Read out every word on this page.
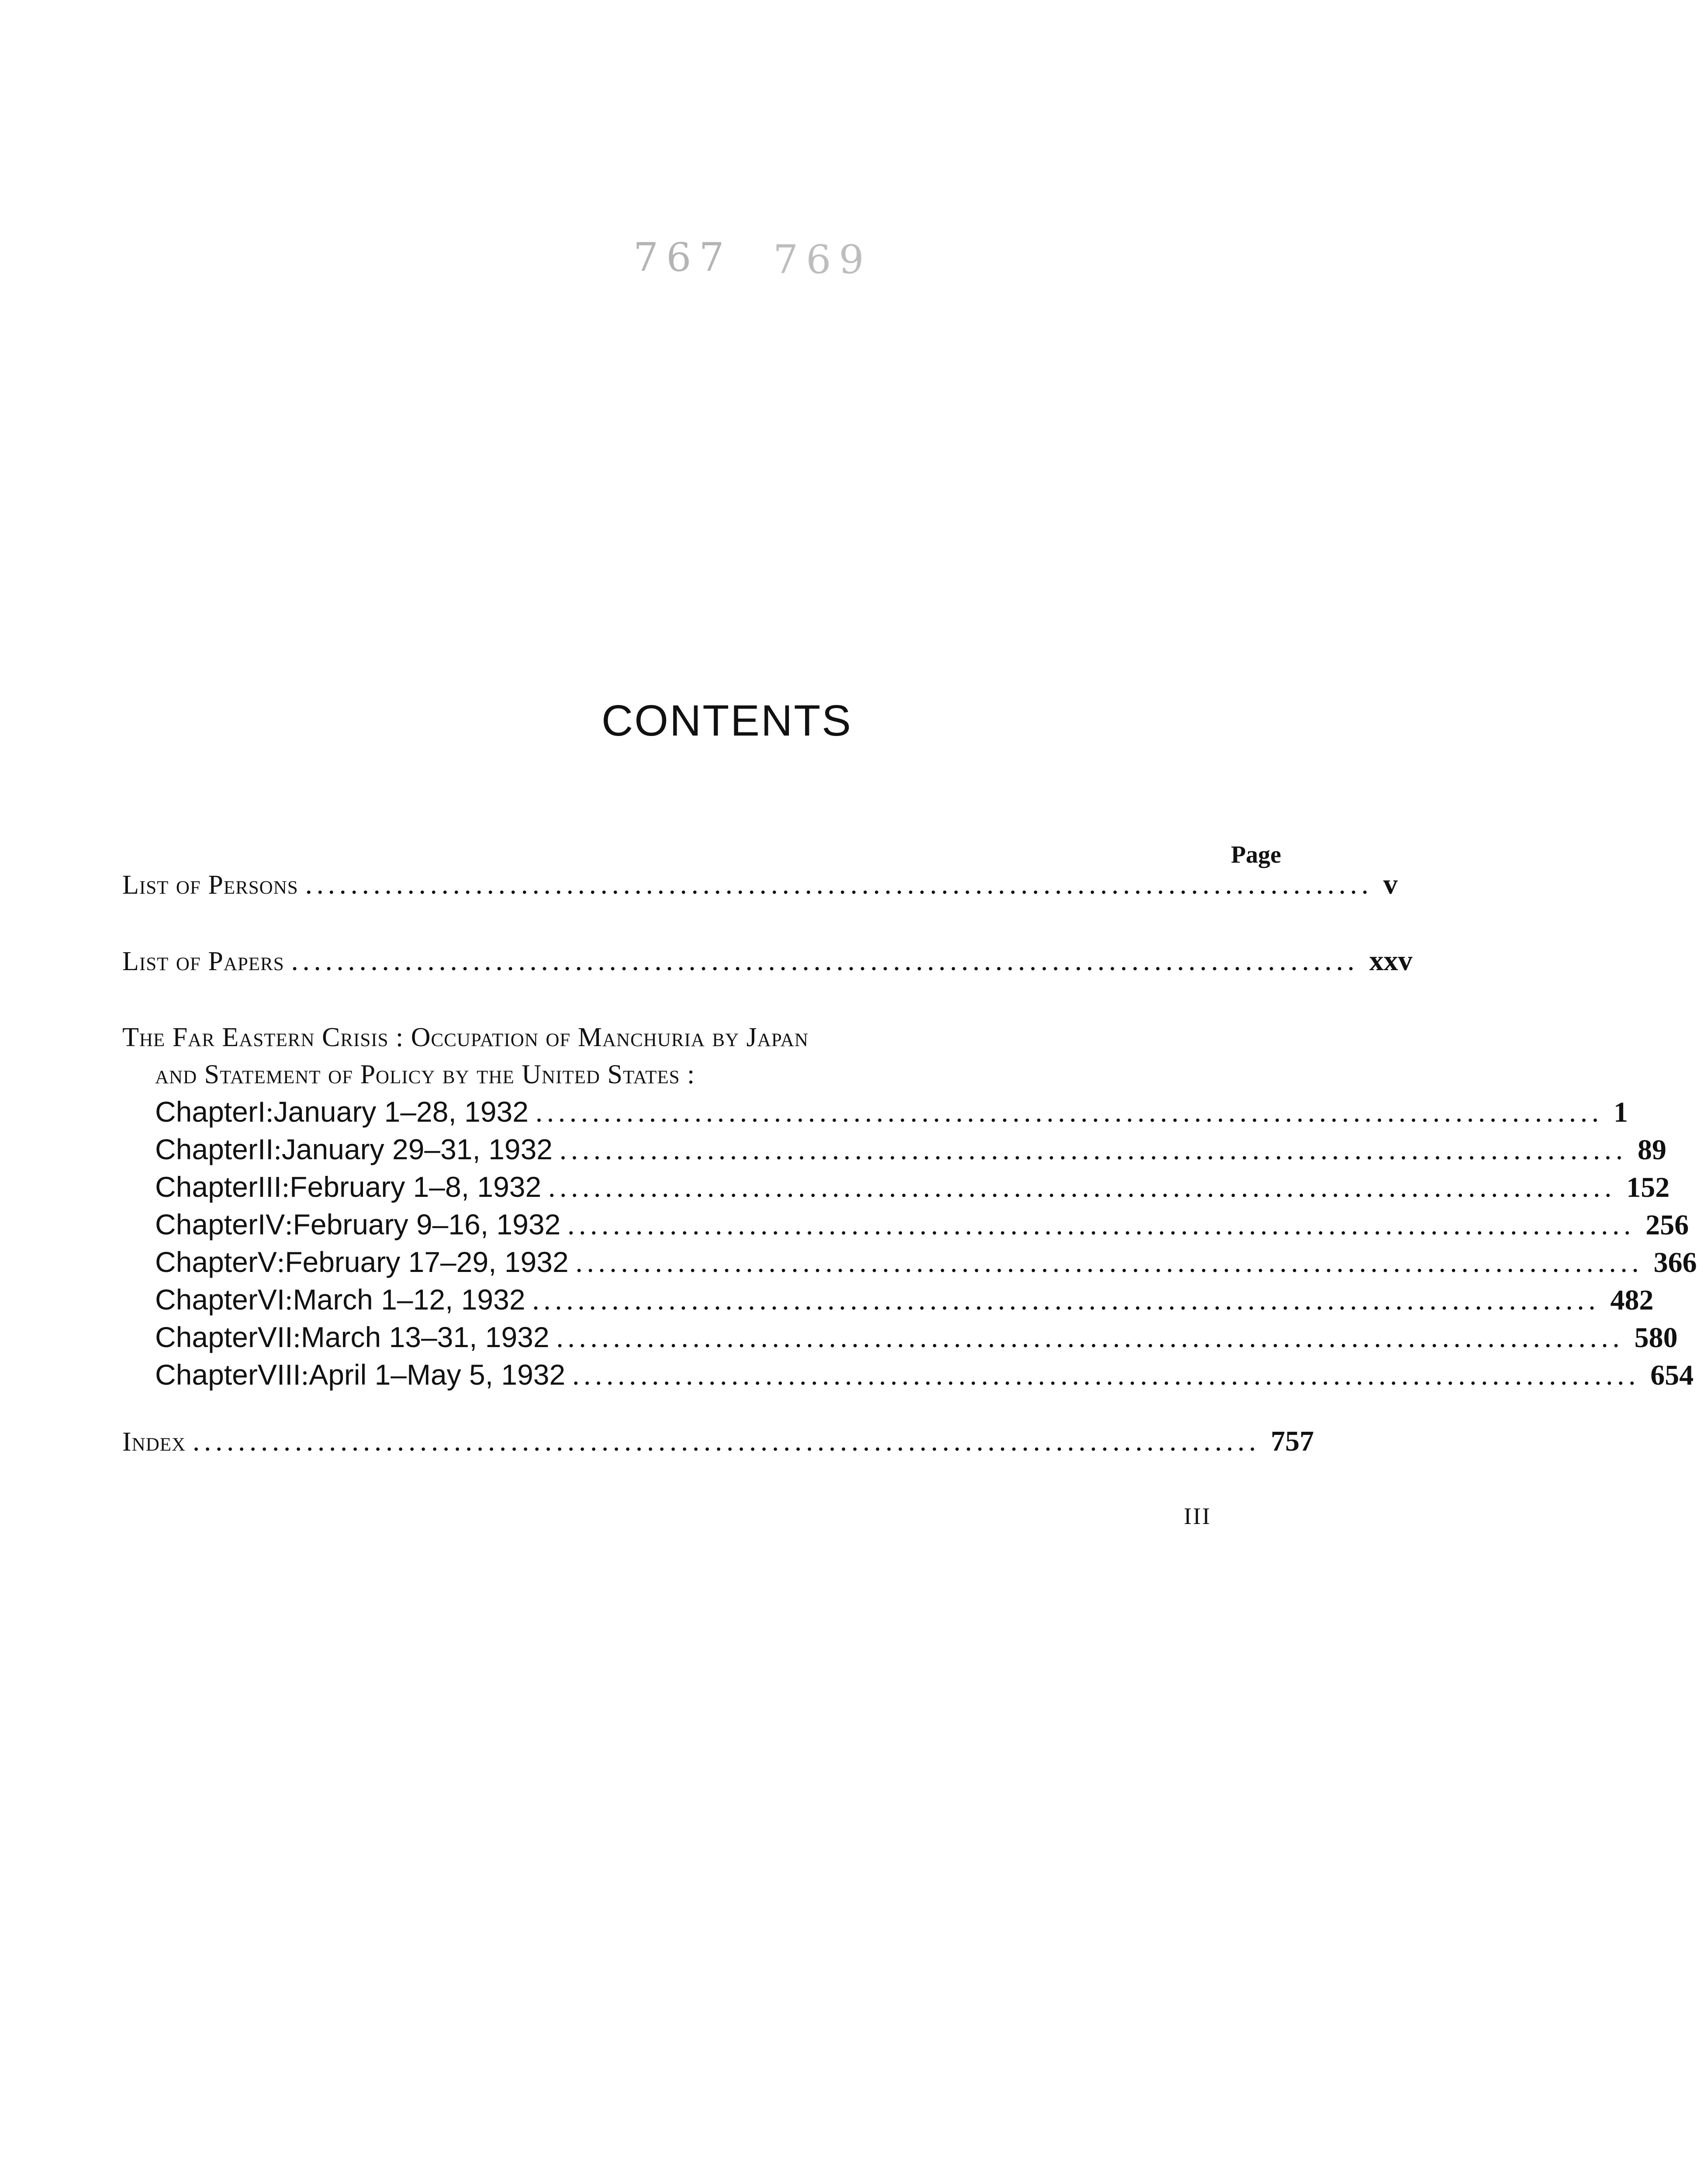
767 769
CONTENTS
Page
List of Persons .............................................................................................. v
List of Papers .............................................................................................. xxv
The Far Eastern Crisis : Occupation of Manchuria by Japan
and Statement of Policy by the United States :
Chapter I : January 1–28, 1932 .............................................................................................. 1
Chapter II : January 29–31, 1932 .............................................................................................. 89
Chapter III : February 1–8, 1932 .............................................................................................. 152
Chapter IV : February 9–16, 1932 .............................................................................................. 256
Chapter V : February 17–29, 1932 .............................................................................................. 366
Chapter VI : March 1–12, 1932 .............................................................................................. 482
Chapter VII : March 13–31, 1932 .............................................................................................. 580
Chapter VIII : April 1–May 5, 1932 .............................................................................................. 654
Index .............................................................................................. 757
III
